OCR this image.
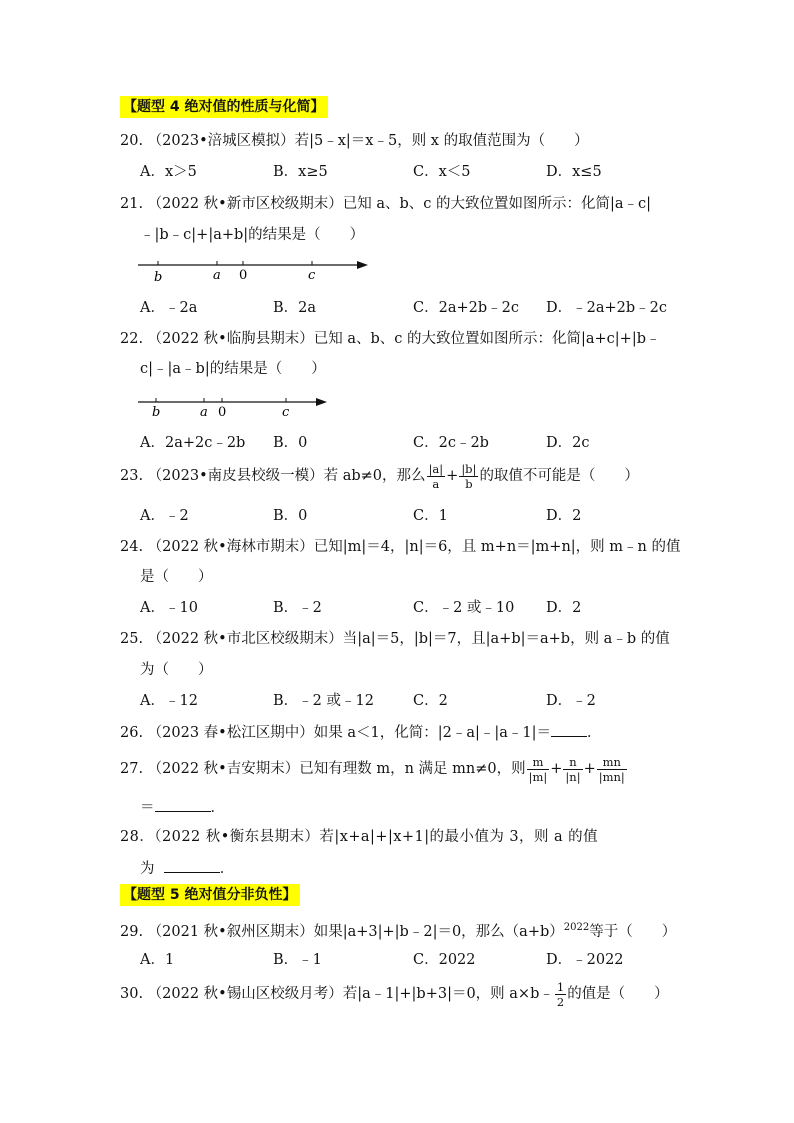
【题型 4 绝对值的性质与化简】
20. （2023•涪城区模拟）若|5﹣x|＝x﹣5，则 x 的取值范围为（　　）
A．x＞5	B．x≥5	C．x＜5	D．x≤5
21. （2022 秋•新市区校级期末）已知 a、b、c 的大致位置如图所示：化简|a﹣c|
﹣|b﹣c|+|a+b|的结果是（　　）
b	a 0	c
A．﹣2a	B．2a	C．2a+2b﹣2c D．﹣2a+2b﹣2c
22. （2022 秋•临朐县期末）已知 a、b、c 的大致位置如图所示：化简|a+c|+|b﹣
c|﹣|a﹣b|的结果是（　　）
b	a 0	c
A．2a+2c﹣2b B．0	C．2c﹣2b	D．2c
23. （2023•南皮县校级一模）若 ab≠0，那么 $\frac{|a|}{a} + \frac{|b|}{b}$ 的取值不可能是（　　）
A．﹣2	B．0	C．1	D．2
24. （2022 秋•海林市期末）已知|m|＝4，|n|＝6，且 m+n＝|m+n|，则 m﹣n 的值
是（　　）
A．﹣10	B．﹣2	C．﹣2 或﹣10 D．2
25. （2022 秋•市北区校级期末）当|a|＝5，|b|＝7，且|a+b|＝a+b，则 a﹣b 的值
为（　　）
A．﹣12	B．﹣2 或﹣12	C．2	D．﹣2
26. （2023 春•松江区期中）如果 a＜1，化简：|2﹣a|﹣|a﹣1|＝ ．
27. （2022 秋•吉安期末）已知有理数 m，n 满足 mn≠0，则 $\frac{m}{|m|} + \frac{n}{|n|} + \frac{mn}{|mn|}$
＝	．
28．（2022 秋•衡东县期末）若|x+a|+|x+1|的最小值为 3，则 a 的值
为	．
【题型 5 绝对值分非负性】
29. （2021 秋•叙州区期末）如果|a+3|+|b﹣2|＝0，那么$(a+b)^{2022}$等于（　　）
A．1	B．﹣1	C．2022	D．﹣2022
30. （2022 秋•锡山区校级月考）若|a﹣1|+|b+3|＝0，则 a×b﹣ $\frac{1}{2}$ 的值是（　　）
